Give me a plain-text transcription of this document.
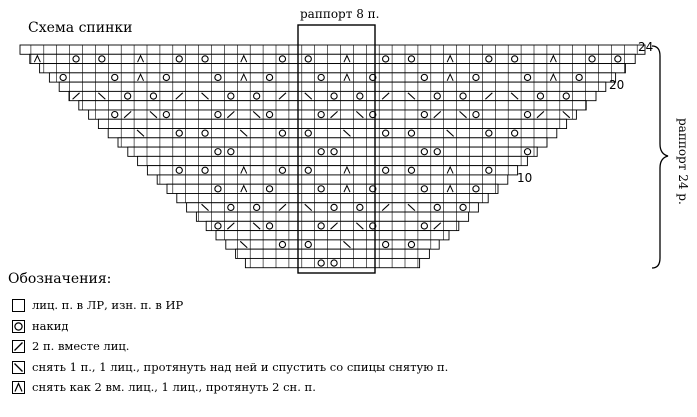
раппорт 8 п.
раппорт 24 р.
24
20
10
Схема спинки
Обозначения:
лиц. п. в ЛР, изн. п. в ИР
накид
2 п. вместе лиц.
снять 1 п., 1 лиц., протянуть над ней и спустить со спицы снятую п.
снять как 2 вм. лиц., 1 лиц., протянуть 2 сн. п.
